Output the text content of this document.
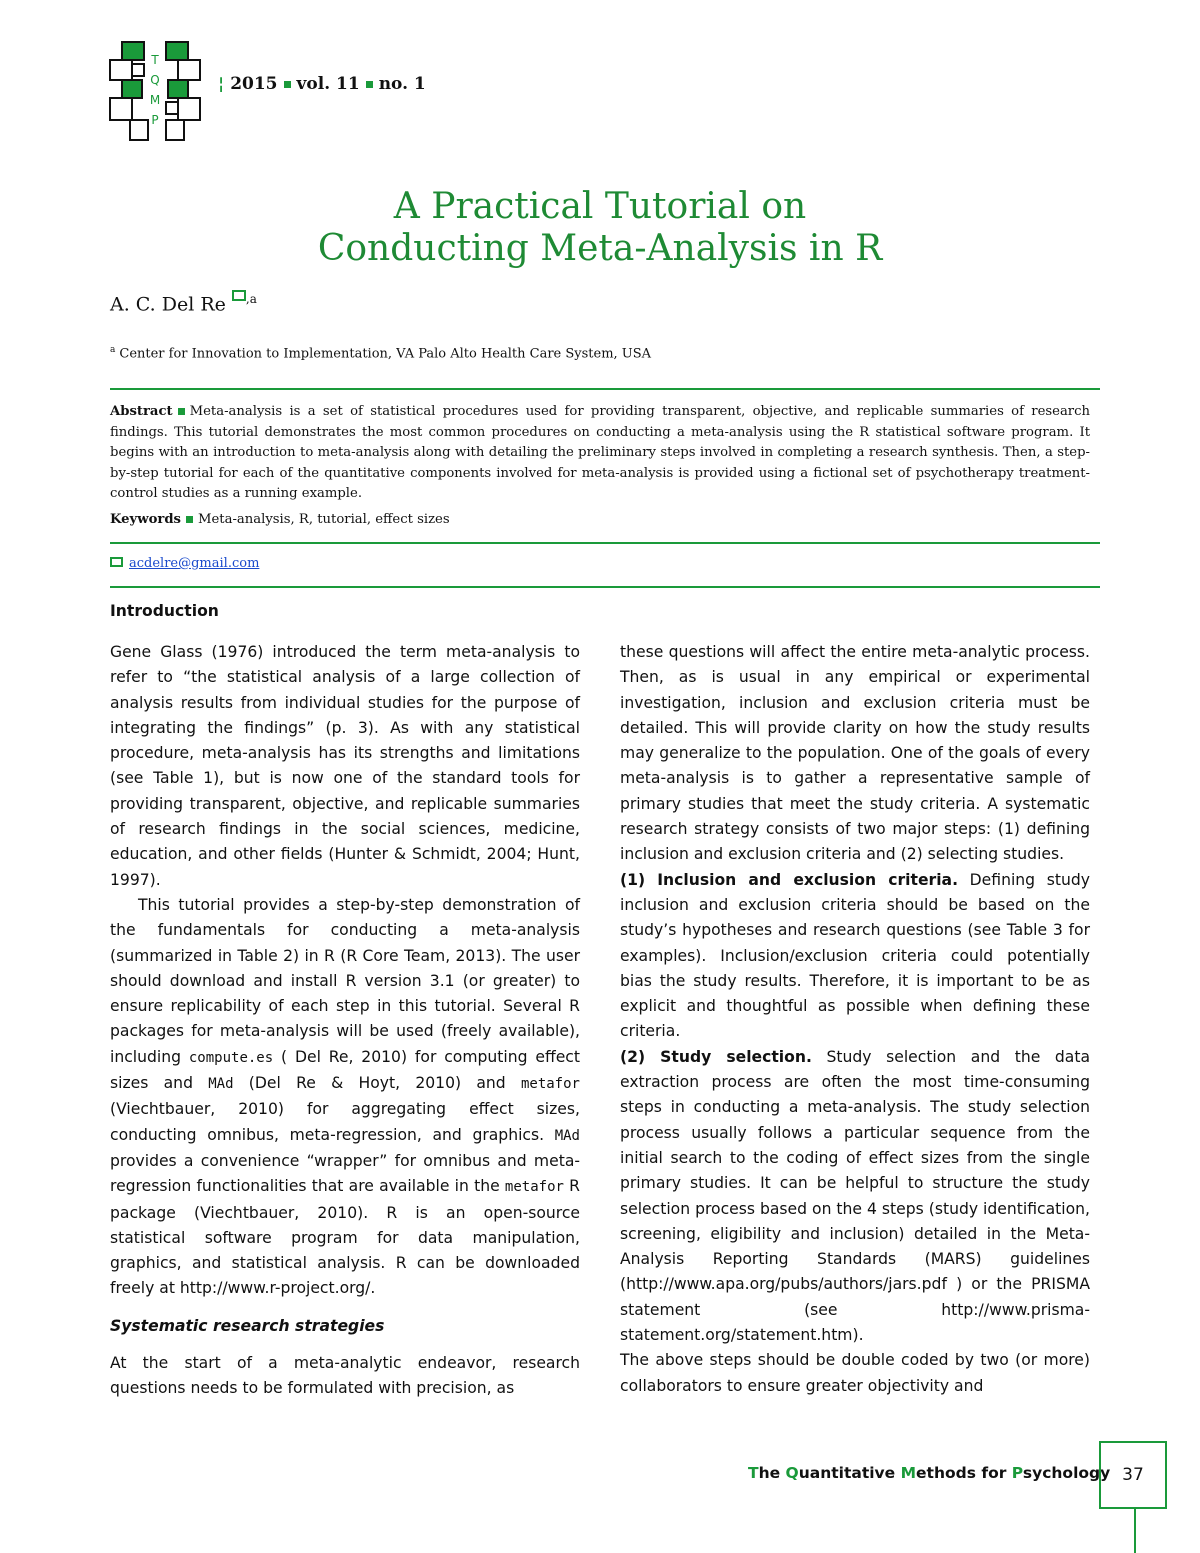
T
Q
M
P
¦ 2015 vol. 11 no. 1
A Practical Tutorial on
Conducting Meta-Analysis in R
A. C. Del Re $^{,a}$
$^a$ Center for Innovation to Implementation, VA Palo Alto Health Care System, USA
Abstract Meta-analysis is a set of statistical procedures used for providing transparent, objective, and replicable summaries of research findings. This tutorial demonstrates the most common procedures on conducting a meta-analysis using the R statistical software program. It begins with an introduction to meta-analysis along with detailing the preliminary steps involved in completing a research synthesis. Then, a step-by-step tutorial for each of the quantitative components involved for meta-analysis is provided using a fictional set of psychotherapy treatment-control studies as a running example.
Keywords Meta-analysis, R, tutorial, effect sizes
acdelre@gmail.com
Introduction

Gene Glass (1976) introduced the term meta-analysis to refer to “the statistical analysis of a large collection of analysis results from individual studies for the purpose of integrating the findings” (p. 3). As with any statistical procedure, meta-analysis has its strengths and limitations (see Table 1), but is now one of the standard tools for providing transparent, objective, and replicable summaries of research findings in the social sciences, medicine, education, and other fields (Hunter & Schmidt, 2004; Hunt, 1997).

This tutorial provides a step-by-step demonstration of the fundamentals for conducting a meta-analysis (summarized in Table 2) in R (R Core Team, 2013). The user should download and install R version 3.1 (or greater) to ensure replicability of each step in this tutorial. Several R packages for meta-analysis will be used (freely available), including compute.es ( Del Re, 2010) for computing effect sizes and MAd (Del Re & Hoyt, 2010) and metafor (Viechtbauer, 2010) for aggregating effect sizes, conducting omnibus, meta-regression, and graphics. MAd provides a convenience “wrapper” for omnibus and meta-regression functionalities that are available in the metafor R package (Viechtbauer, 2010). R is an open-source statistical software program for data manipulation, graphics, and statistical analysis. R can be downloaded freely at http://www.r-project.org/.

Systematic research strategies

At the start of a meta-analytic endeavor, research questions needs to be formulated with precision, as

these questions will affect the entire meta-analytic process. Then, as is usual in any empirical or experimental investigation, inclusion and exclusion criteria must be detailed. This will provide clarity on how the study results may generalize to the population. One of the goals of every meta-analysis is to gather a representative sample of primary studies that meet the study criteria. A systematic research strategy consists of two major steps: (1) defining inclusion and exclusion criteria and (2) selecting studies.

(1) Inclusion and exclusion criteria. Defining study inclusion and exclusion criteria should be based on the study’s hypotheses and research questions (see Table 3 for examples). Inclusion/exclusion criteria could potentially bias the study results. Therefore, it is important to be as explicit and thoughtful as possible when defining these criteria.

(2) Study selection. Study selection and the data extraction process are often the most time-consuming steps in conducting a meta-analysis. The study selection process usually follows a particular sequence from the initial search to the coding of effect sizes from the single primary studies. It can be helpful to structure the study selection process based on the 4 steps (study identification, screening, eligibility and inclusion) detailed in the Meta-Analysis Reporting Standards (MARS) guidelines (http://www.apa.org/pubs/authors/jars.pdf ) or the PRISMA statement (see http://www.prisma-statement.org/statement.htm).

The above steps should be double coded by two (or more) collaborators to ensure greater objectivity and

The Quantitative Methods for Psychology 37
